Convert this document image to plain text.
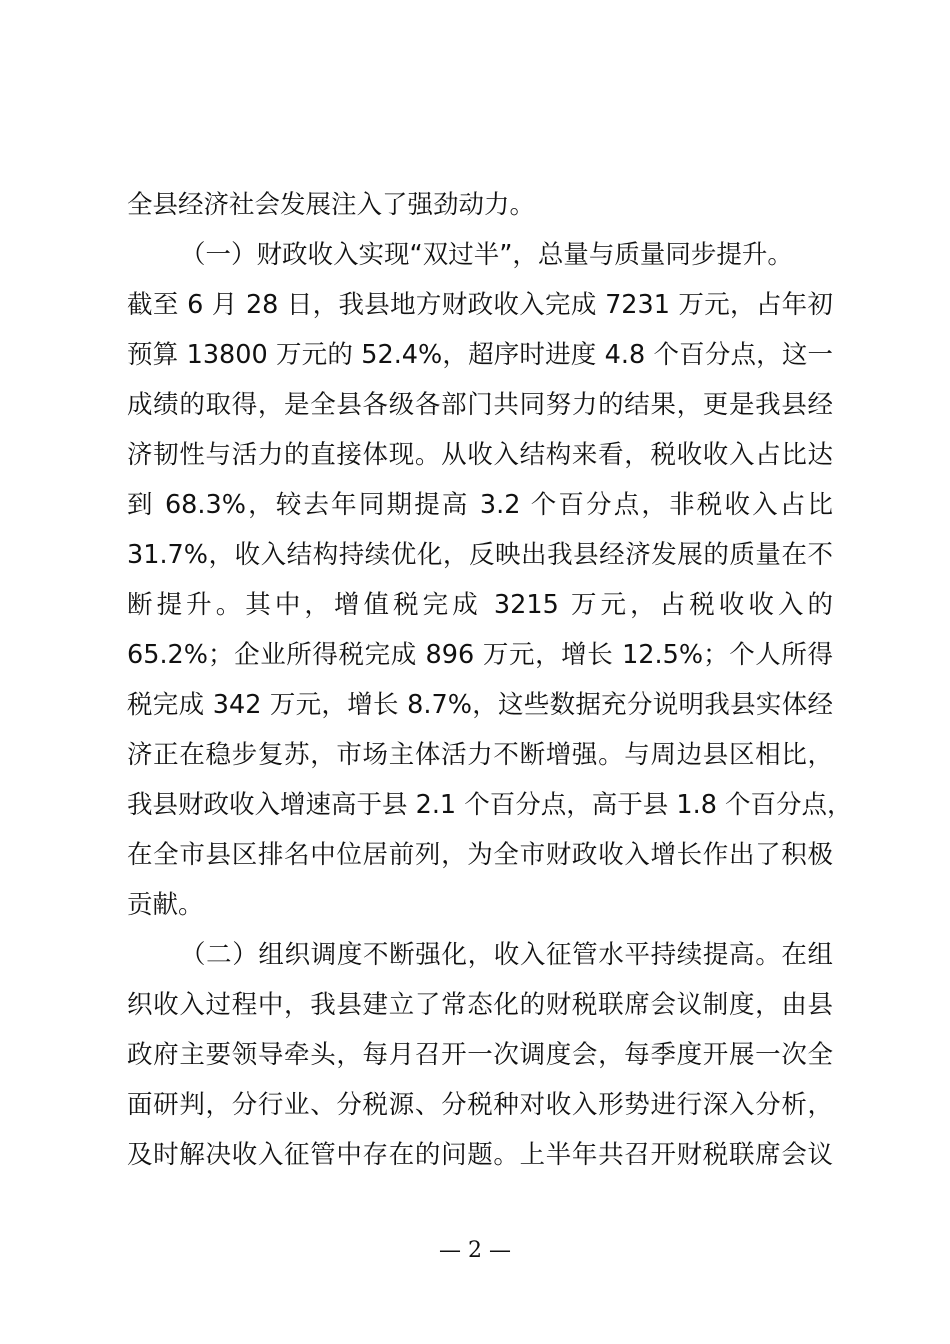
全县经济社会发展注入了强劲动力。
（一）财政收入实现“双过半”，总量与质量同步提升。
截至 6 月 28 日，我县地方财政收入完成 7231 万元，占年初
预算 13800 万元的 52.4%，超序时进度 4.8 个百分点，这一
成绩的取得，是全县各级各部门共同努力的结果，更是我县经
济韧性与活力的直接体现。从收入结构来看，税收收入占比达
到 68.3%，较去年同期提高 3.2 个百分点，非税收入占比
31.7%，收入结构持续优化，反映出我县经济发展的质量在不
断提升。其中，增值税完成 3215 万元，占税收收入的
65.2%；企业所得税完成 896 万元，增长 12.5%；个人所得
税完成 342 万元，增长 8.7%，这些数据充分说明我县实体经
济正在稳步复苏，市场主体活力不断增强。与周边县区相比，
我县财政收入增速高于县 2.1 个百分点，高于县 1.8 个百分点，
在全市县区排名中位居前列，为全市财政收入增长作出了积极
贡献。
（二）组织调度不断强化，收入征管水平持续提高。在组
织收入过程中，我县建立了常态化的财税联席会议制度，由县
政府主要领导牵头，每月召开一次调度会，每季度开展一次全
面研判，分行业、分税源、分税种对收入形势进行深入分析，
及时解决收入征管中存在的问题。上半年共召开财税联席会议
— 2 —
